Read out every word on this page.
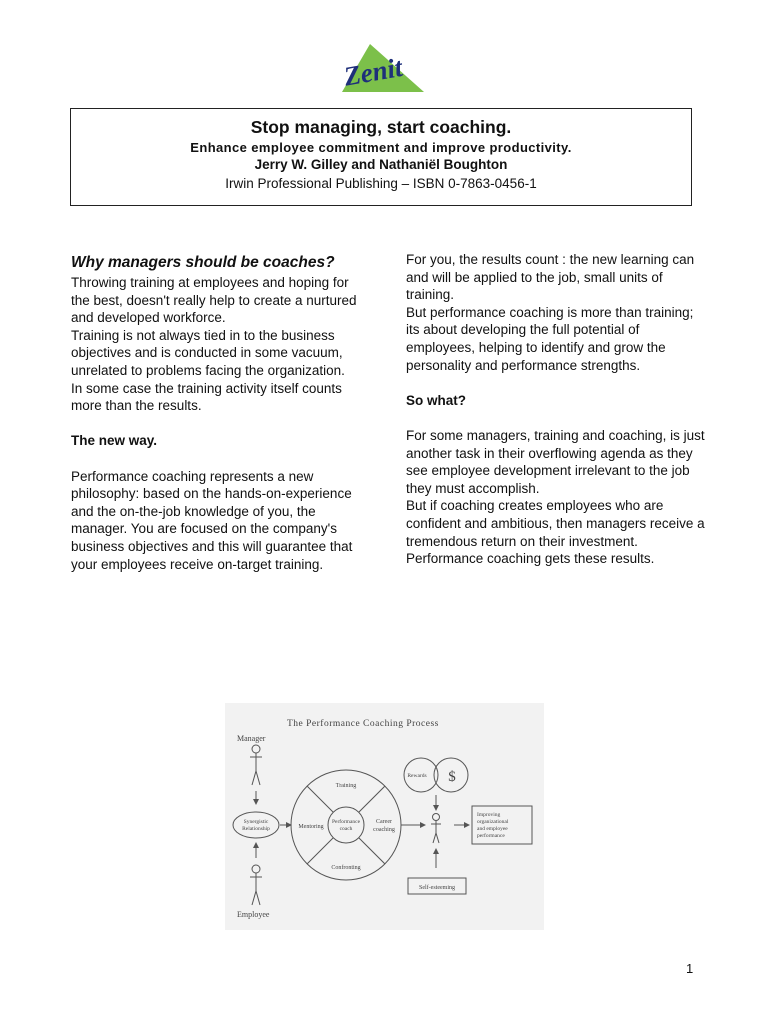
Zenit
Stop managing, start coaching.
Enhance employee commitment and improve productivity.
Jerry W. Gilley and Nathaniël Boughton
Irwin Professional Publishing – ISBN 0-7863-0456-1

Why managers should be coaches?

Throwing training at employees and hoping for the best, doesn't really help to create a nurtured and developed workforce.

Training is not always tied in to the business objectives and is conducted in some vacuum, unrelated to problems facing the organization.

In some case the training activity itself counts more than the results.

The new way.

Performance coaching represents a new philosophy: based on the hands-on-experience and the on-the-job knowledge of you, the manager. You are focused on the company's business objectives and this will guarantee that your employees receive on-target training.

For you, the results count : the new learning can and will be applied to the job, small units of training.

But performance coaching is more than training; its about developing the full potential of employees, helping to identify and grow the personality and performance strengths.

So what?

For some managers, training and coaching, is just another task in their overflowing agenda as they see employee development irrelevant to the job they must accomplish.

But if coaching creates employees who are confident and ambitious, then managers receive a tremendous return on their investment.

Performance coaching gets these results.

The Performance Coaching Process
Manager
Synergistic
Relationship
Employee
Performance
coach
Training
Mentoring
Career
coaching
Confronting
Rewards $
Improving
organizational
and employee
performance
Self-esteeming
1
